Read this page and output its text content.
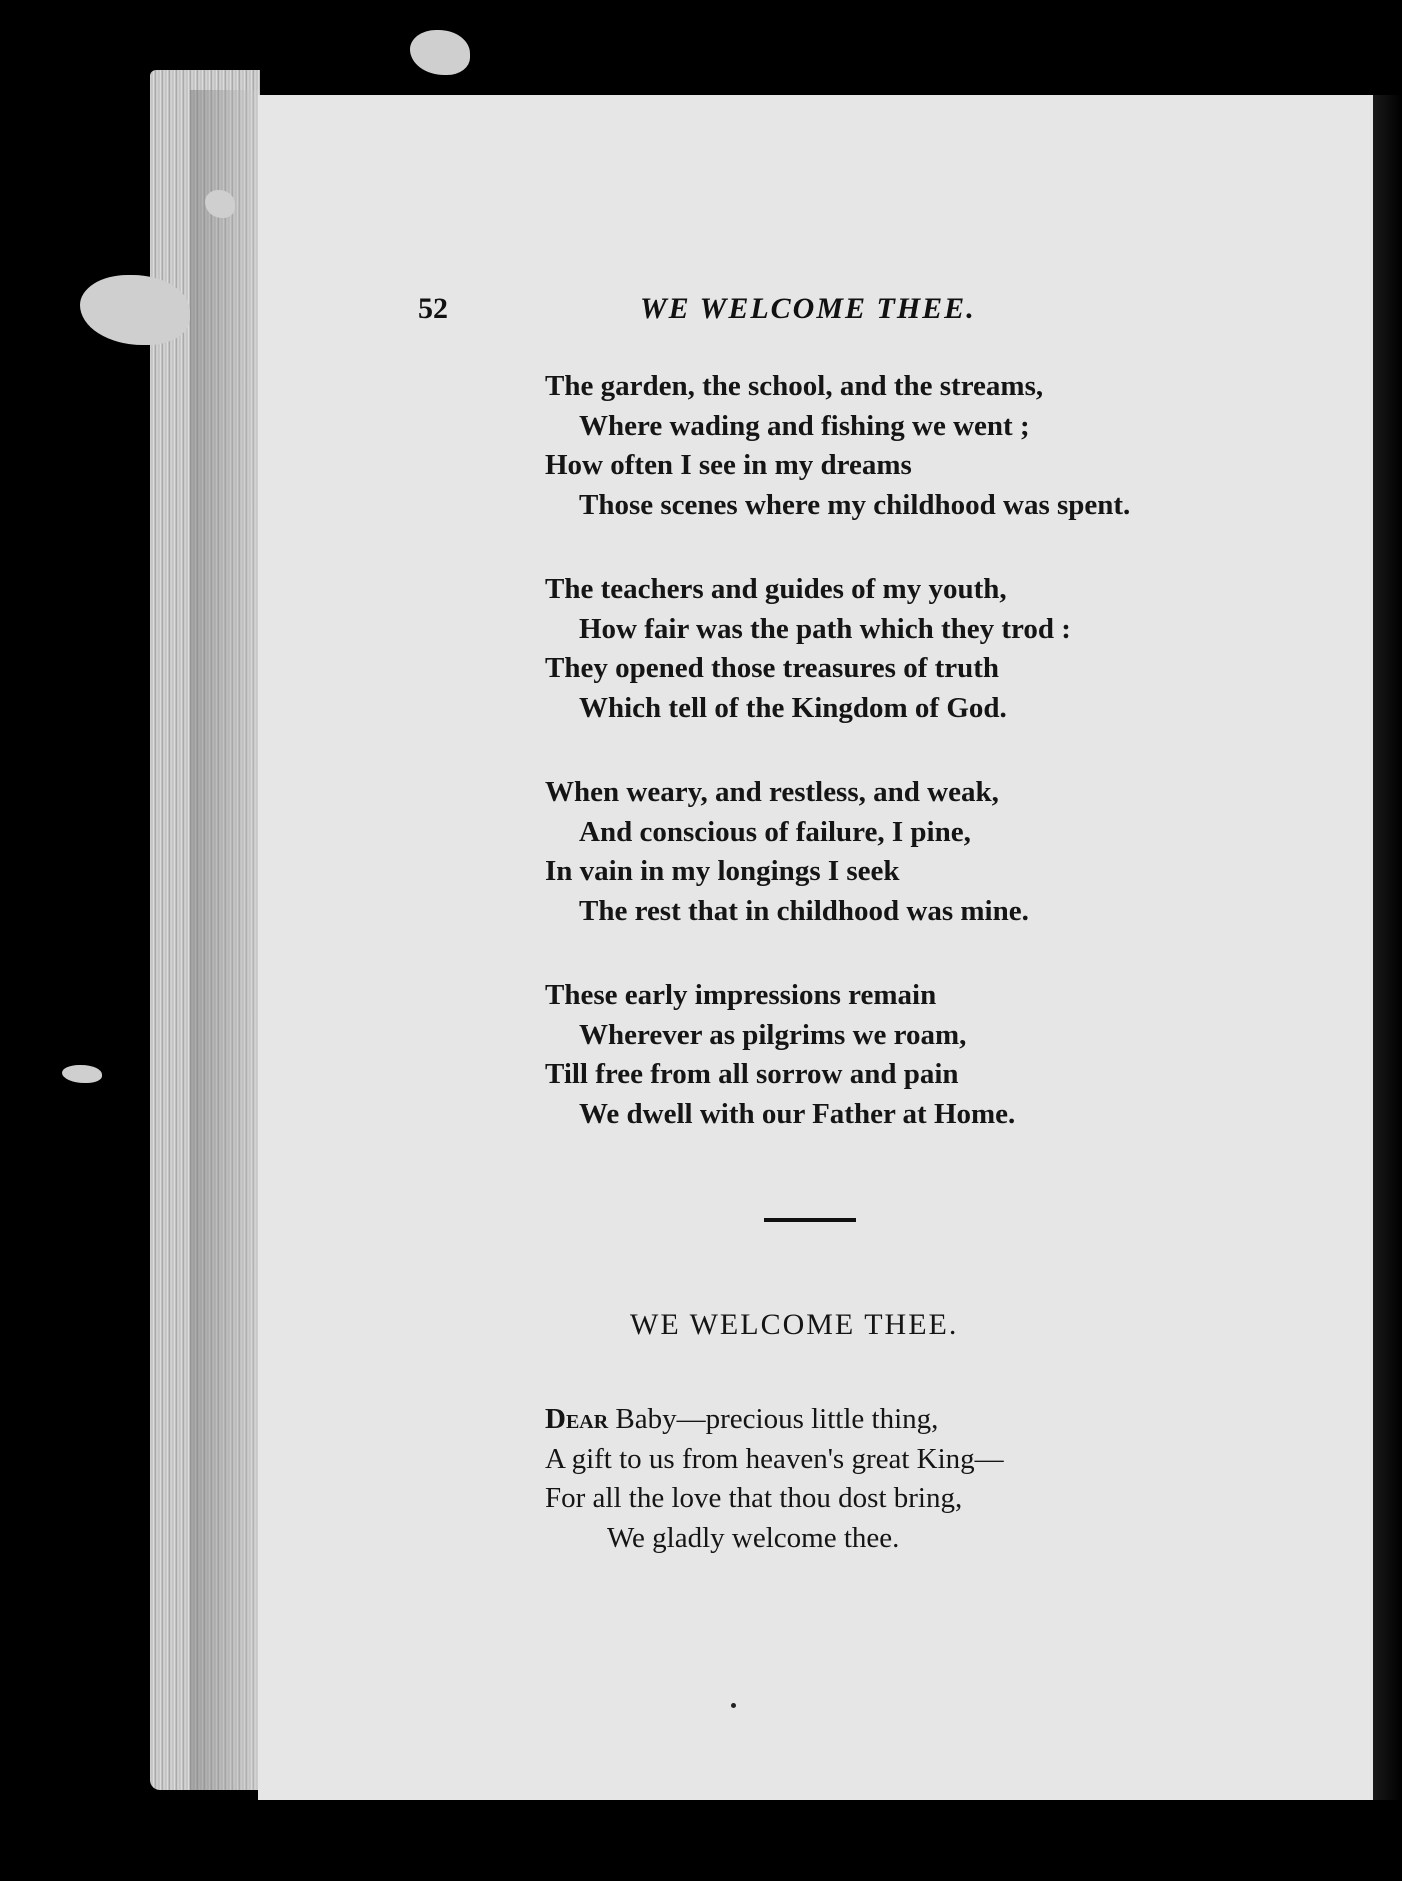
52	WE WELCOME THEE.
The garden, the school, and the streams,
Where wading and fishing we went ;
How often I see in my dreams
Those scenes where my childhood was spent.
The teachers and guides of my youth,
How fair was the path which they trod :
They opened those treasures of truth
Which tell of the Kingdom of God.
When weary, and restless, and weak,
And conscious of failure, I pine,
In vain in my longings I seek
The rest that in childhood was mine.
These early impressions remain
Wherever as pilgrims we roam,
Till free from all sorrow and pain
We dwell with our Father at Home.
WE WELCOME THEE.
Dear Baby—precious little thing,
A gift to us from heaven's great King—
For all the love that thou dost bring,
We gladly welcome thee.
